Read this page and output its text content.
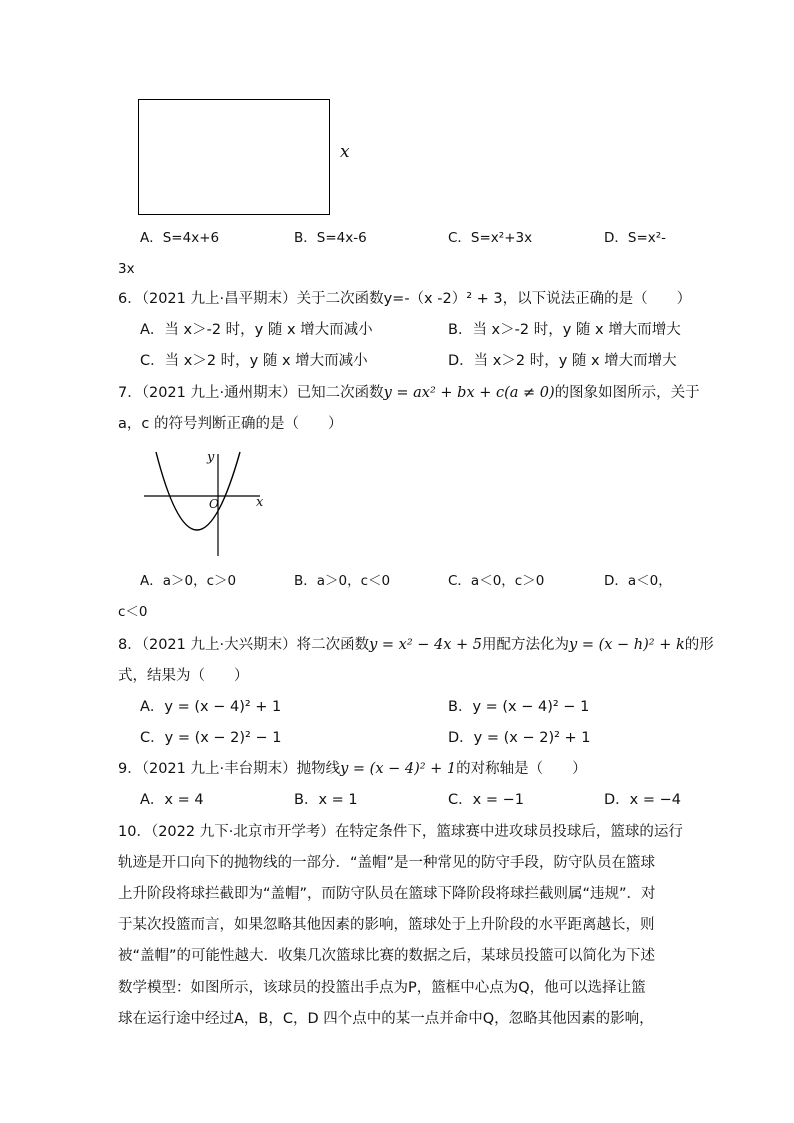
x
A．S=4x+6	B．S=4x-6	C．S=x²+3x	D．S=x²-
3x
6．（2021 九上·昌平期末）关于二次函数y=-（x -2）² + 3，以下说法正确的是（　　）
A．当 x＞-2 时，y 随 x 增大而减小	B．当 x＞-2 时，y 随 x 增大而增大
C．当 x＞2 时，y 随 x 增大而减小	D．当 x＞2 时，y 随 x 增大而增大
7．（2021 九上·通州期末）已知二次函数y = ax² + bx + c(a ≠ 0)的图象如图所示，关于
a，c 的符号判断正确的是（　　）
y
x
O
A．a＞0，c＞0	B．a＞0，c＜0	C．a＜0，c＞0	D．a＜0，
c＜0
8．（2021 九上·大兴期末）将二次函数y = x² − 4x + 5用配方法化为y = (x − h)² + k的形
式，结果为（　　）
A．y = (x − 4)² + 1	B．y = (x − 4)² − 1
C．y = (x − 2)² − 1	D．y = (x − 2)² + 1
9．（2021 九上·丰台期末）抛物线y = (x − 4)² + 1的对称轴是（　　）
A．x = 4	B．x = 1	C．x = −1	D．x = −4
10．（2022 九下·北京市开学考）在特定条件下，篮球赛中进攻球员投球后，篮球的运行
轨迹是开口向下的抛物线的一部分．“盖帽”是一种常见的防守手段，防守队员在篮球
上升阶段将球拦截即为“盖帽”，而防守队员在篮球下降阶段将球拦截则属“违规”．对
于某次投篮而言，如果忽略其他因素的影响，篮球处于上升阶段的水平距离越长，则
被“盖帽”的可能性越大．收集几次篮球比赛的数据之后，某球员投篮可以简化为下述
数学模型：如图所示，该球员的投篮出手点为P，篮框中心点为Q，他可以选择让篮
球在运行途中经过A，B，C，D 四个点中的某一点并命中Q，忽略其他因素的影响，
